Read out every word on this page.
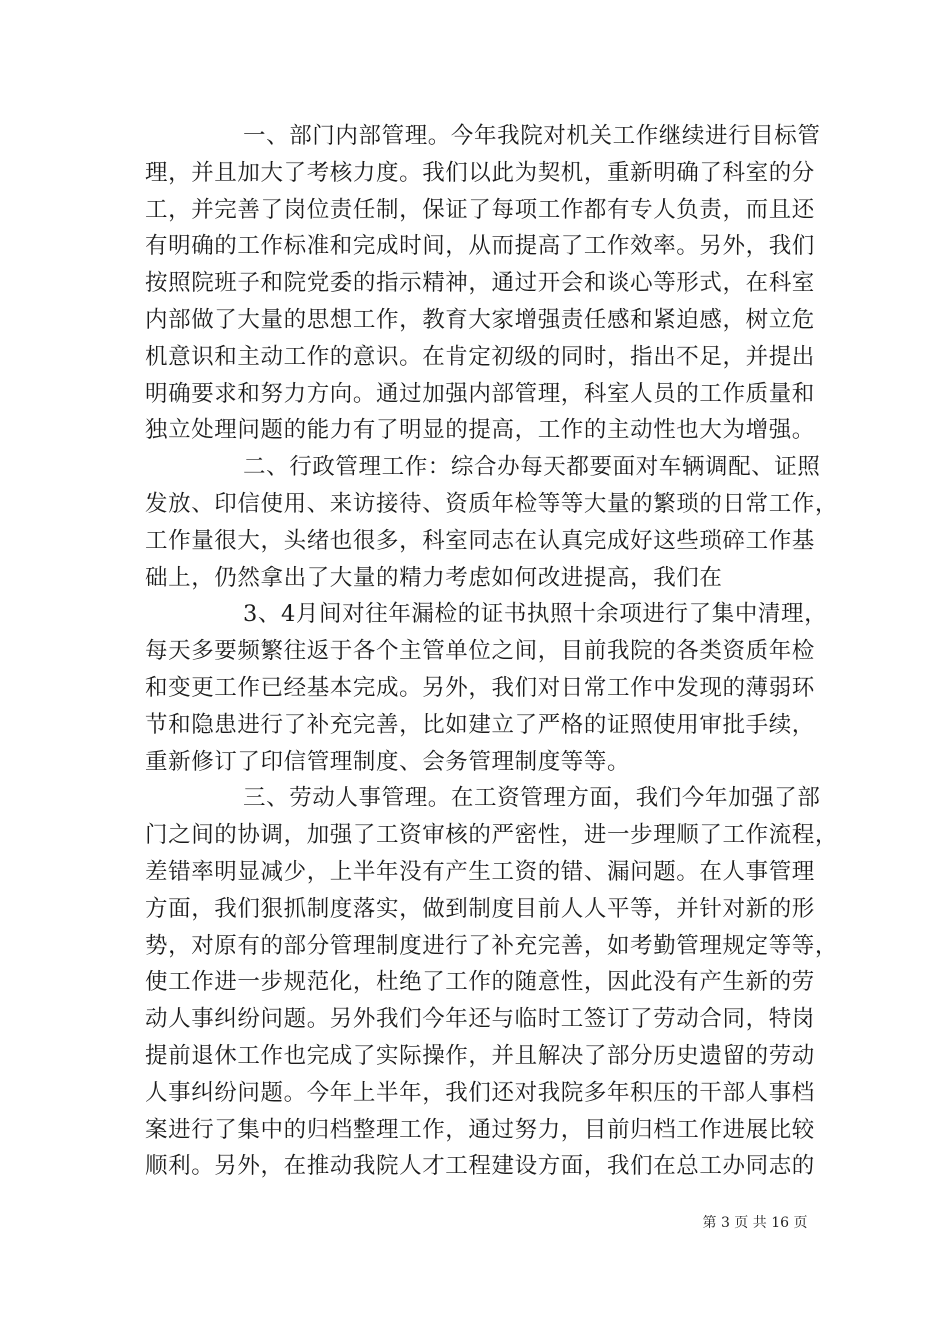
一、部门内部管理。今年我院对机关工作继续进行目标管
理，并且加大了考核力度。我们以此为契机，重新明确了科室的分
工，并完善了岗位责任制，保证了每项工作都有专人负责，而且还
有明确的工作标准和完成时间，从而提高了工作效率。另外，我们
按照院班子和院党委的指示精神，通过开会和谈心等形式，在科室
内部做了大量的思想工作，教育大家增强责任感和紧迫感，树立危
机意识和主动工作的意识。在肯定初级的同时，指出不足，并提出
明确要求和努力方向。通过加强内部管理，科室人员的工作质量和
独立处理问题的能力有了明显的提高，工作的主动性也大为增强。
二、行政管理工作：综合办每天都要面对车辆调配、证照
发放、印信使用、来访接待、资质年检等等大量的繁琐的日常工作，
工作量很大，头绪也很多，科室同志在认真完成好这些琐碎工作基
础上，仍然拿出了大量的精力考虑如何改进提高，我们在
3、4月间对往年漏检的证书执照十余项进行了集中清理，
每天多要频繁往返于各个主管单位之间，目前我院的各类资质年检
和变更工作已经基本完成。另外，我们对日常工作中发现的薄弱环
节和隐患进行了补充完善，比如建立了严格的证照使用审批手续，
重新修订了印信管理制度、会务管理制度等等。
三、劳动人事管理。在工资管理方面，我们今年加强了部
门之间的协调，加强了工资审核的严密性，进一步理顺了工作流程，
差错率明显减少，上半年没有产生工资的错、漏问题。在人事管理
方面，我们狠抓制度落实，做到制度目前人人平等，并针对新的形
势，对原有的部分管理制度进行了补充完善，如考勤管理规定等等，
使工作进一步规范化，杜绝了工作的随意性，因此没有产生新的劳
动人事纠纷问题。另外我们今年还与临时工签订了劳动合同，特岗
提前退休工作也完成了实际操作，并且解决了部分历史遗留的劳动
人事纠纷问题。今年上半年，我们还对我院多年积压的干部人事档
案进行了集中的归档整理工作，通过努力，目前归档工作进展比较
顺利。另外，在推动我院人才工程建设方面，我们在总工办同志的
第 3 页 共 16 页
